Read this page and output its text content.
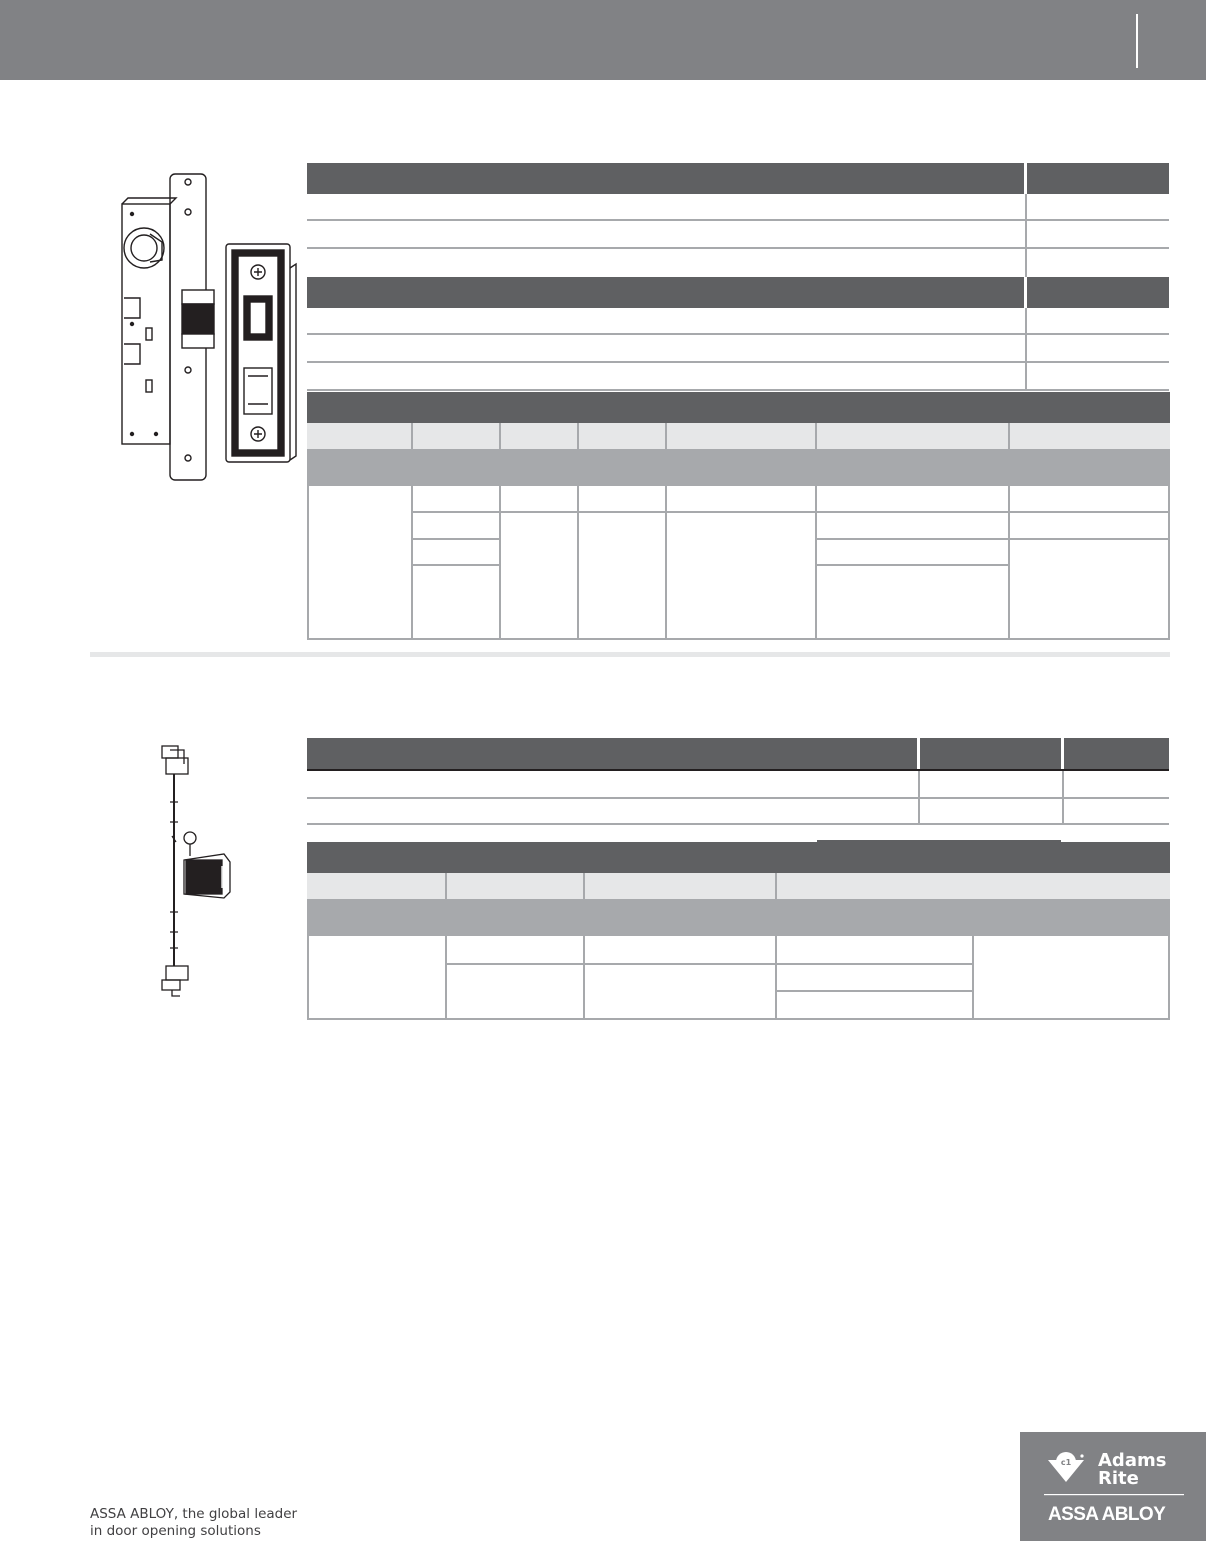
ASSA ABLOY, the global leader
in door opening solutions
c1 Adams
Rite
ASSA ABLOY
